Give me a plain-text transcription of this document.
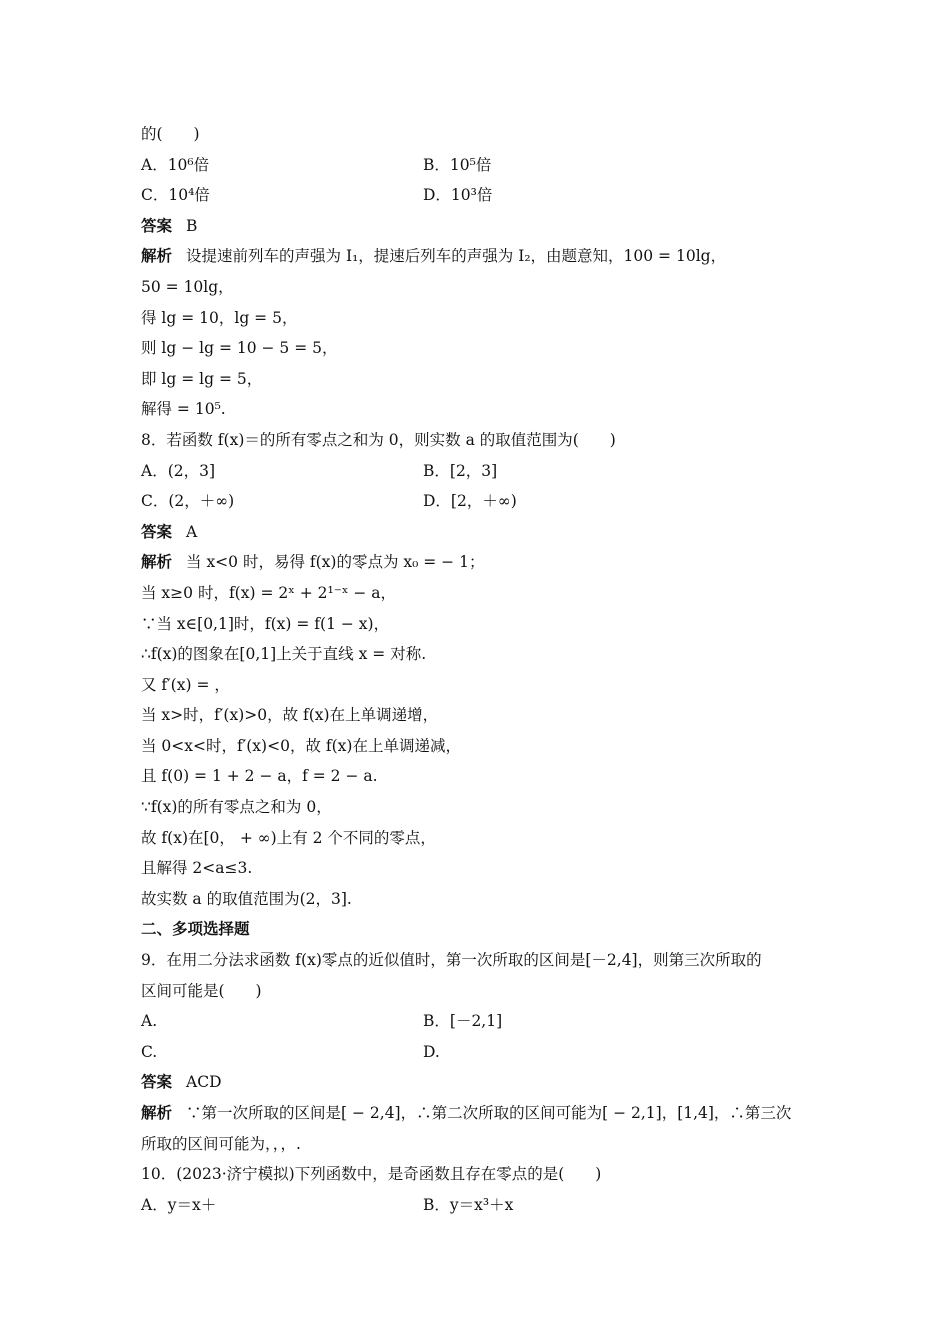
的(　　)
A．10⁶倍	B．10⁵倍
C．10⁴倍	D．10³倍
答案 B
解析 设提速前列车的声强为 I₁，提速后列车的声强为 I₂，由题意知，100 = 10lg，
50 = 10lg，
得 lg = 10，lg = 5，
则 lg − lg = 10 − 5 = 5，
即 lg = lg = 5，
解得 = 10⁵.
8．若函数 f(x)＝的所有零点之和为 0，则实数 a 的取值范围为(　　)
A．(2，3]	B．[2，3]
C．(2，＋∞)	D．[2，＋∞)
答案 A
解析 当 x<0 时，易得 f(x)的零点为 x₀ = − 1；
当 x≥0 时，f(x) = 2ˣ + 2¹⁻ˣ − a，
∵当 x∈[0,1]时，f(x) = f(1 − x)，
∴f(x)的图象在[0,1]上关于直线 x = 对称.
又 f′(x) = ，
当 x>时，f′(x)>0，故 f(x)在上单调递增，
当 0<x<时，f′(x)<0，故 f(x)在上单调递减，
且 f(0) = 1 + 2 − a，f = 2 − a.
∵f(x)的所有零点之和为 0，
故 f(x)在[0， + ∞)上有 2 个不同的零点，
且解得 2<a≤3.
故实数 a 的取值范围为(2，3].
二、多项选择题
9．在用二分法求函数 f(x)零点的近似值时，第一次所取的区间是[－2,4]，则第三次所取的
区间可能是(　　)
A.	B．[－2,1]
C.	D.
答案 ACD
解析 ∵第一次所取的区间是[ − 2,4]，∴第二次所取的区间可能为[ − 2,1]，[1,4]，∴第三次
所取的区间可能为，，，.
10．(2023·济宁模拟)下列函数中，是奇函数且存在零点的是(　　)
A．y＝x＋	B．y＝x³＋x
